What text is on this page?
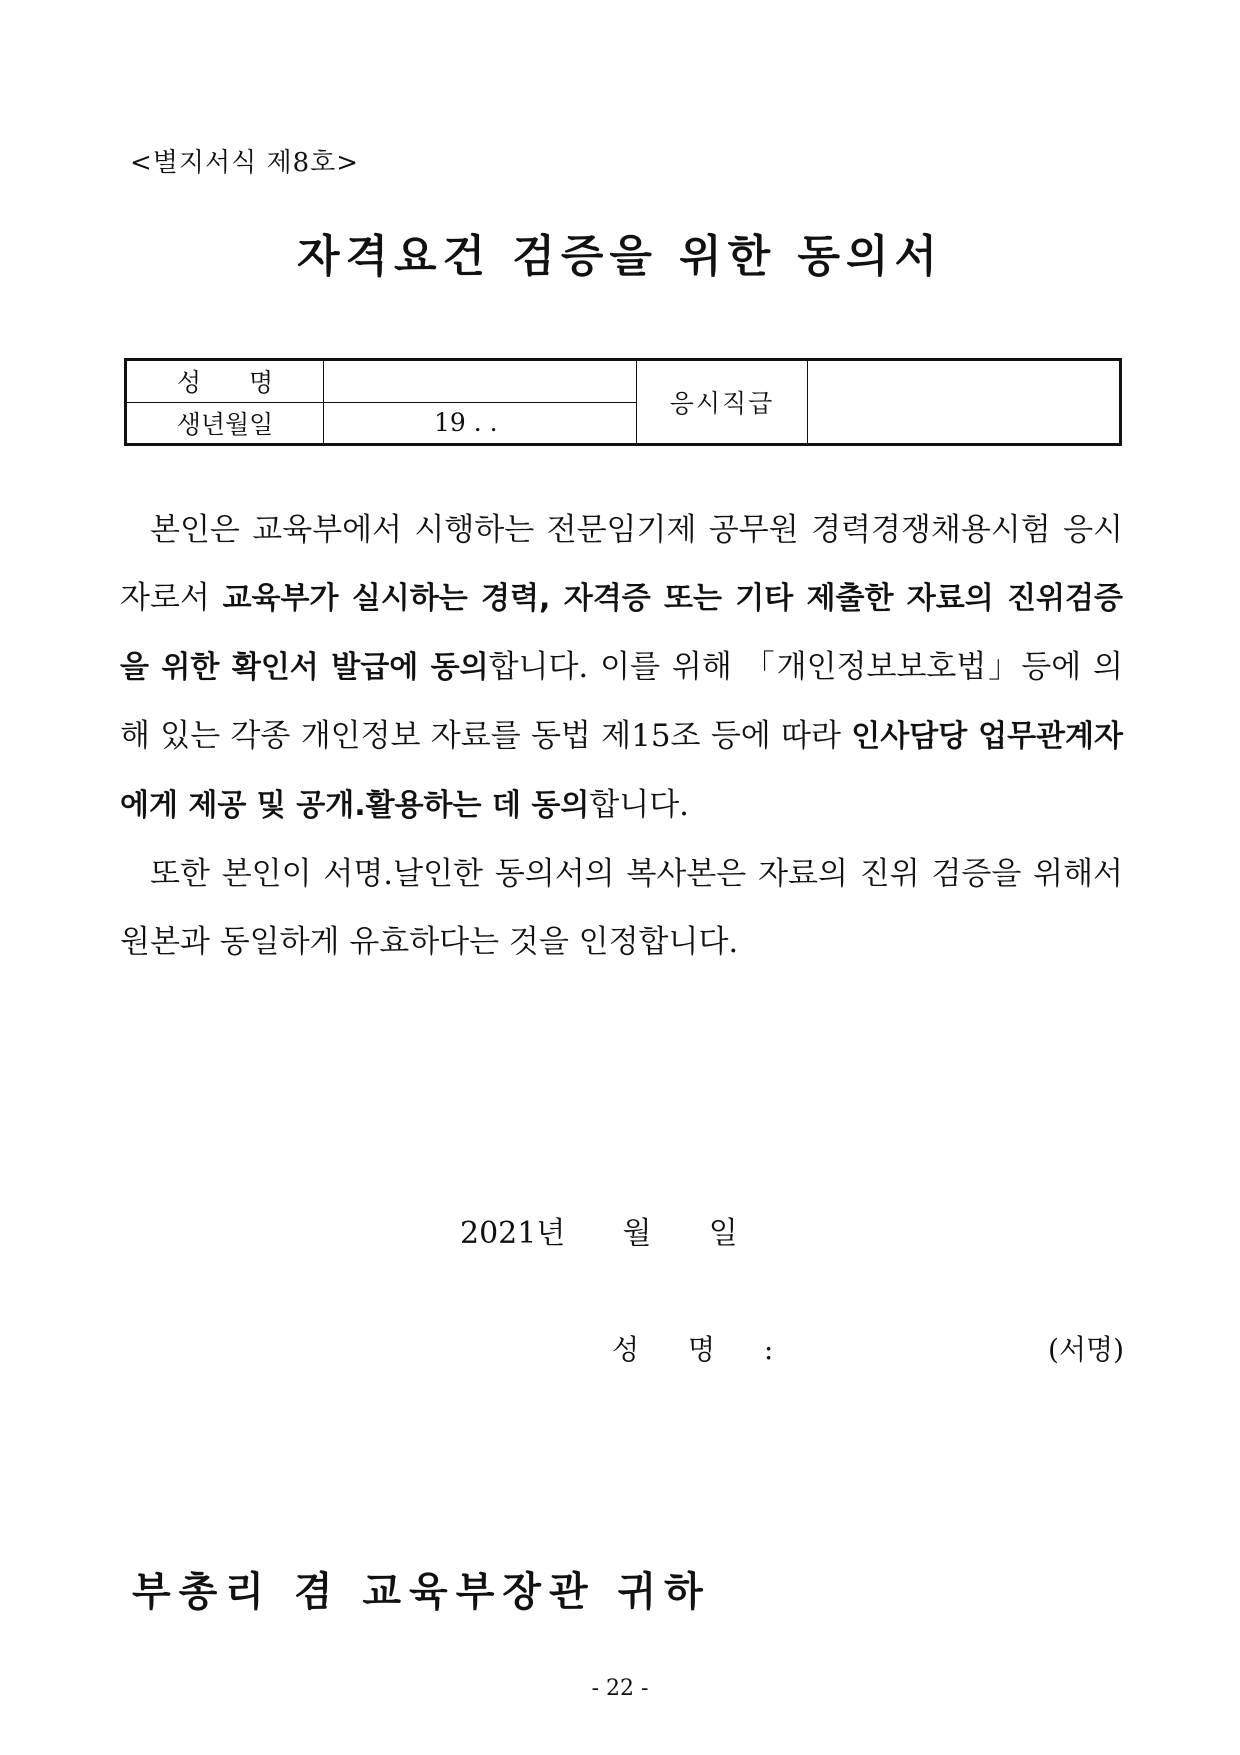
<별지서식 제8호>
자격요건 검증을 위한 동의서
성명		응시직급	
생년월일	19 . .		

본인은 교육부에서 시행하는 전문임기제 공무원 경력경쟁채용시험 응시자로서 교육부가 실시하는 경력, 자격증 또는 기타 제출한 자료의 진위검증을 위한 확인서 발급에 동의합니다. 이를 위해 「개인정보보호법」등에 의해 있는 각종 개인정보 자료를 동법 제15조 등에 따라 인사담당 업무관계자에게 제공 및 공개.활용하는 데 동의합니다.

또한 본인이 서명.날인한 동의서의 복사본은 자료의 진위 검증을 위해서 원본과 동일하게 유효하다는 것을 인정합니다.

2021년      월      일
성 명 :	(서명)
부총리 겸 교육부장관 귀하
- 22 -
